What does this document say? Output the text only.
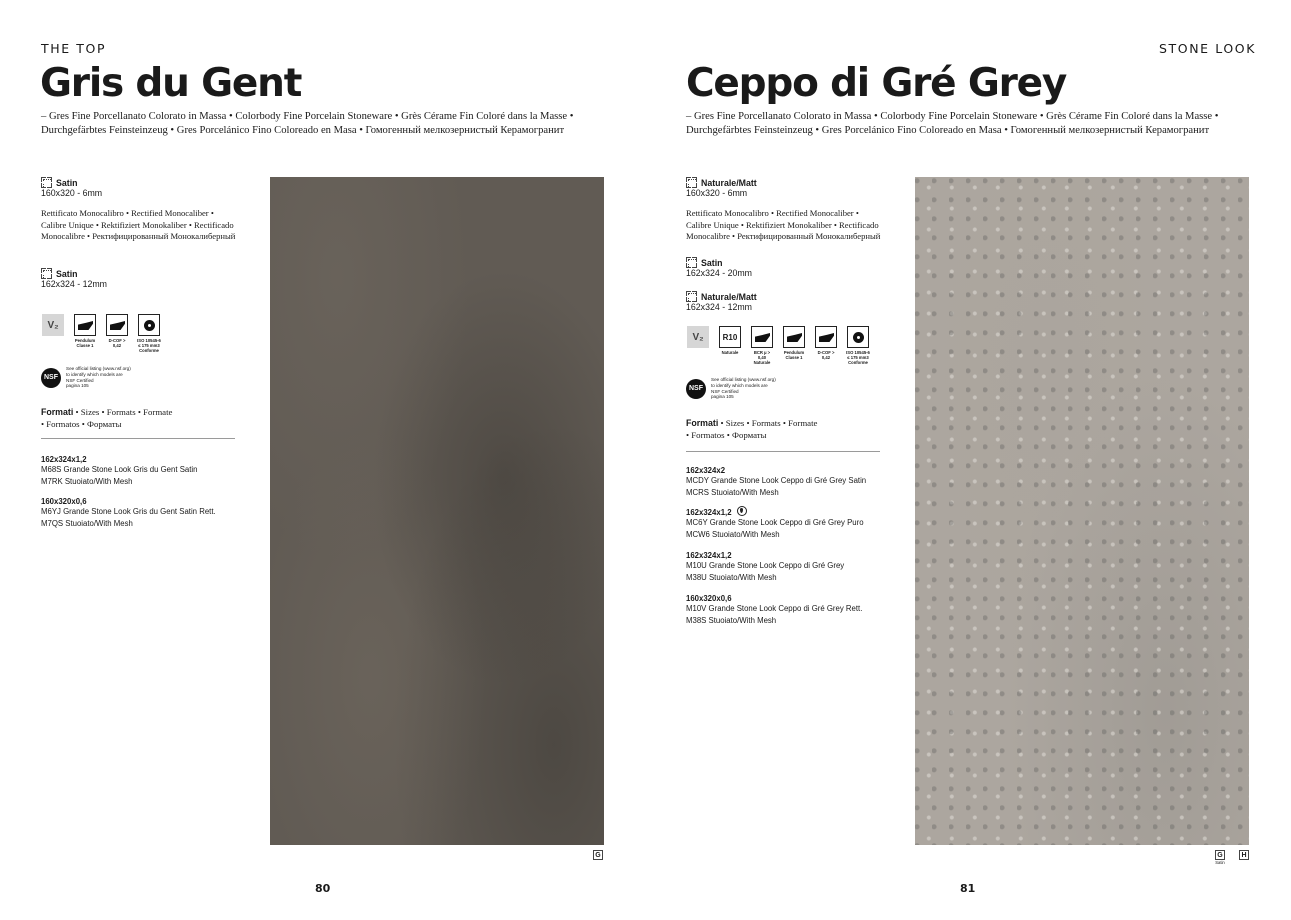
THE TOP
Gris du Gent
– Gres Fine Porcellanato Colorato in Massa • Colorbody Fine Porcelain Stoneware • Grès Cérame Fin Coloré dans la Masse •
Durchgefärbtes Feinsteinzeug • Gres Porcelánico Fino Coloreado en Masa • Гомогенный мелкозернистый Керамогранит
Satin
160x320 - 6mm
Rettificato Monocalibro • Rectified Monocaliber •
Calibre Unique • Rektifiziert Monokaliber • Rectificado
Monocalibre • Ректифицированный Монокалиберный
Satin
162x324 - 12mm
V₂
Pendulum Classe 1
D-COF > 0,42
ISO 10545-6 ≤ 175 mm3 Conforme
NSF
See official listing (www.nsf.org)
to identify which models are
NSF Certified
pagina 105
Formati • Sizes • Formats • Formate
• Formatos • Форматы
162x324x1,2
M68S Grande Stone Look Gris du Gent Satin
M7RK Stuoiato/With Mesh
160x320x0,6
M6YJ Grande Stone Look Gris du Gent Satin Rett.
M7QS Stuoiato/With Mesh
G
80
STONE LOOK
Ceppo di Gré Grey
– Gres Fine Porcellanato Colorato in Massa • Colorbody Fine Porcelain Stoneware • Grès Cérame Fin Coloré dans la Masse •
Durchgefärbtes Feinsteinzeug • Gres Porcelánico Fino Coloreado en Masa • Гомогенный мелкозернистый Керамогранит
Naturale/Matt
160x320 - 6mm
Rettificato Monocalibro • Rectified Monocaliber •
Calibre Unique • Rektifiziert Monokaliber • Rectificado
Monocalibre • Ректифицированный Монокалиберный
Satin
162x324 - 20mm
Naturale/Matt
162x324 - 12mm
V₂	R10
Naturale	BCR µ > 0,40 Naturale
Pendulum Classe 1
D-COF > 0,42
ISO 10545-6 ≤ 175 mm3 Conforme
NSF
See official listing (www.nsf.org)
to identify which models are
NSF Certified
pagina 105
Formati • Sizes • Formats • Formate
• Formatos • Форматы
162x324x2
MCDY Grande Stone Look Ceppo di Gré Grey Satin
MCRS Stuoiato/With Mesh
162x324x1,2
MC6Y Grande Stone Look Ceppo di Gré Grey Puro
MCW6 Stuoiato/With Mesh
162x324x1,2
M10U Grande Stone Look Ceppo di Gré Grey
M38U Stuoiato/With Mesh
160x320x0,6
M10V Grande Stone Look Ceppo di Gré Grey Rett.
M38S Stuoiato/With Mesh
G
Satin
H
81
